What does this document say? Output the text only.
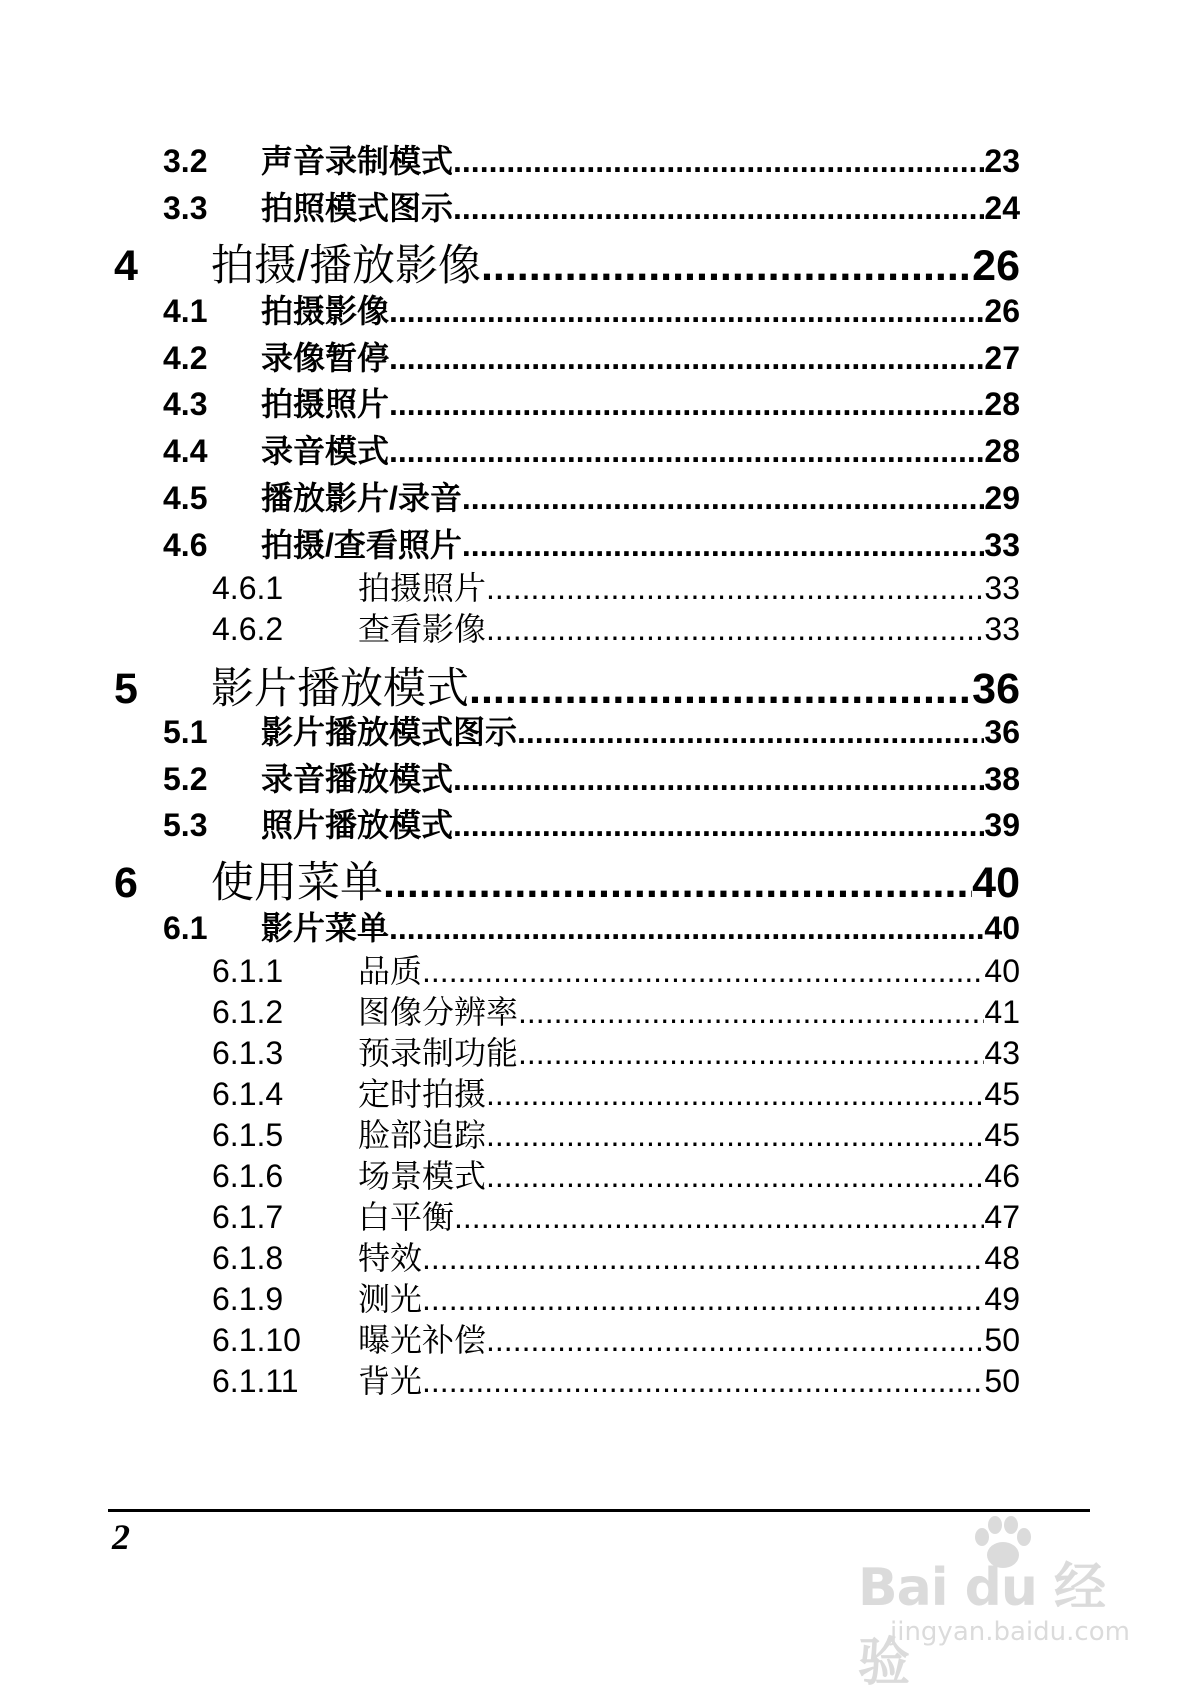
3.2	声音录制模式 .....	23
3.3	拍照模式图示 .....	24
4	拍摄/播放影像 .....	26
4.1	拍摄影像 .....	26
4.2	录像暂停 .....	27
4.3	拍摄照片 .....	28
4.4	录音模式 .....	28
4.5	播放影片/录音 .....	29
4.6	拍摄/查看照片 .....	33
4.6.1	拍摄照片 .....	33
4.6.2	查看影像 .....	33
5	影片播放模式 .....	36
5.1	影片播放模式图示 .....	36
5.2	录音播放模式 .....	38
5.3	照片播放模式 .....	39
6	使用菜单 .....	40
6.1	影片菜单 .....	40
6.1.1	品质 .....	40
6.1.2	图像分辨率 .....	41
6.1.3	预录制功能 .....	43
6.1.4	定时拍摄 .....	45
6.1.5	脸部追踪 .....	45
6.1.6	场景模式 .....	46
6.1.7	白平衡 .....	47
6.1.8	特效 .....	48
6.1.9	测光 .....	49
6.1.10	曝光补偿 .....	50
6.1.11	背光 .....	50
2
Bai du 经验
jingyan.baidu.com
